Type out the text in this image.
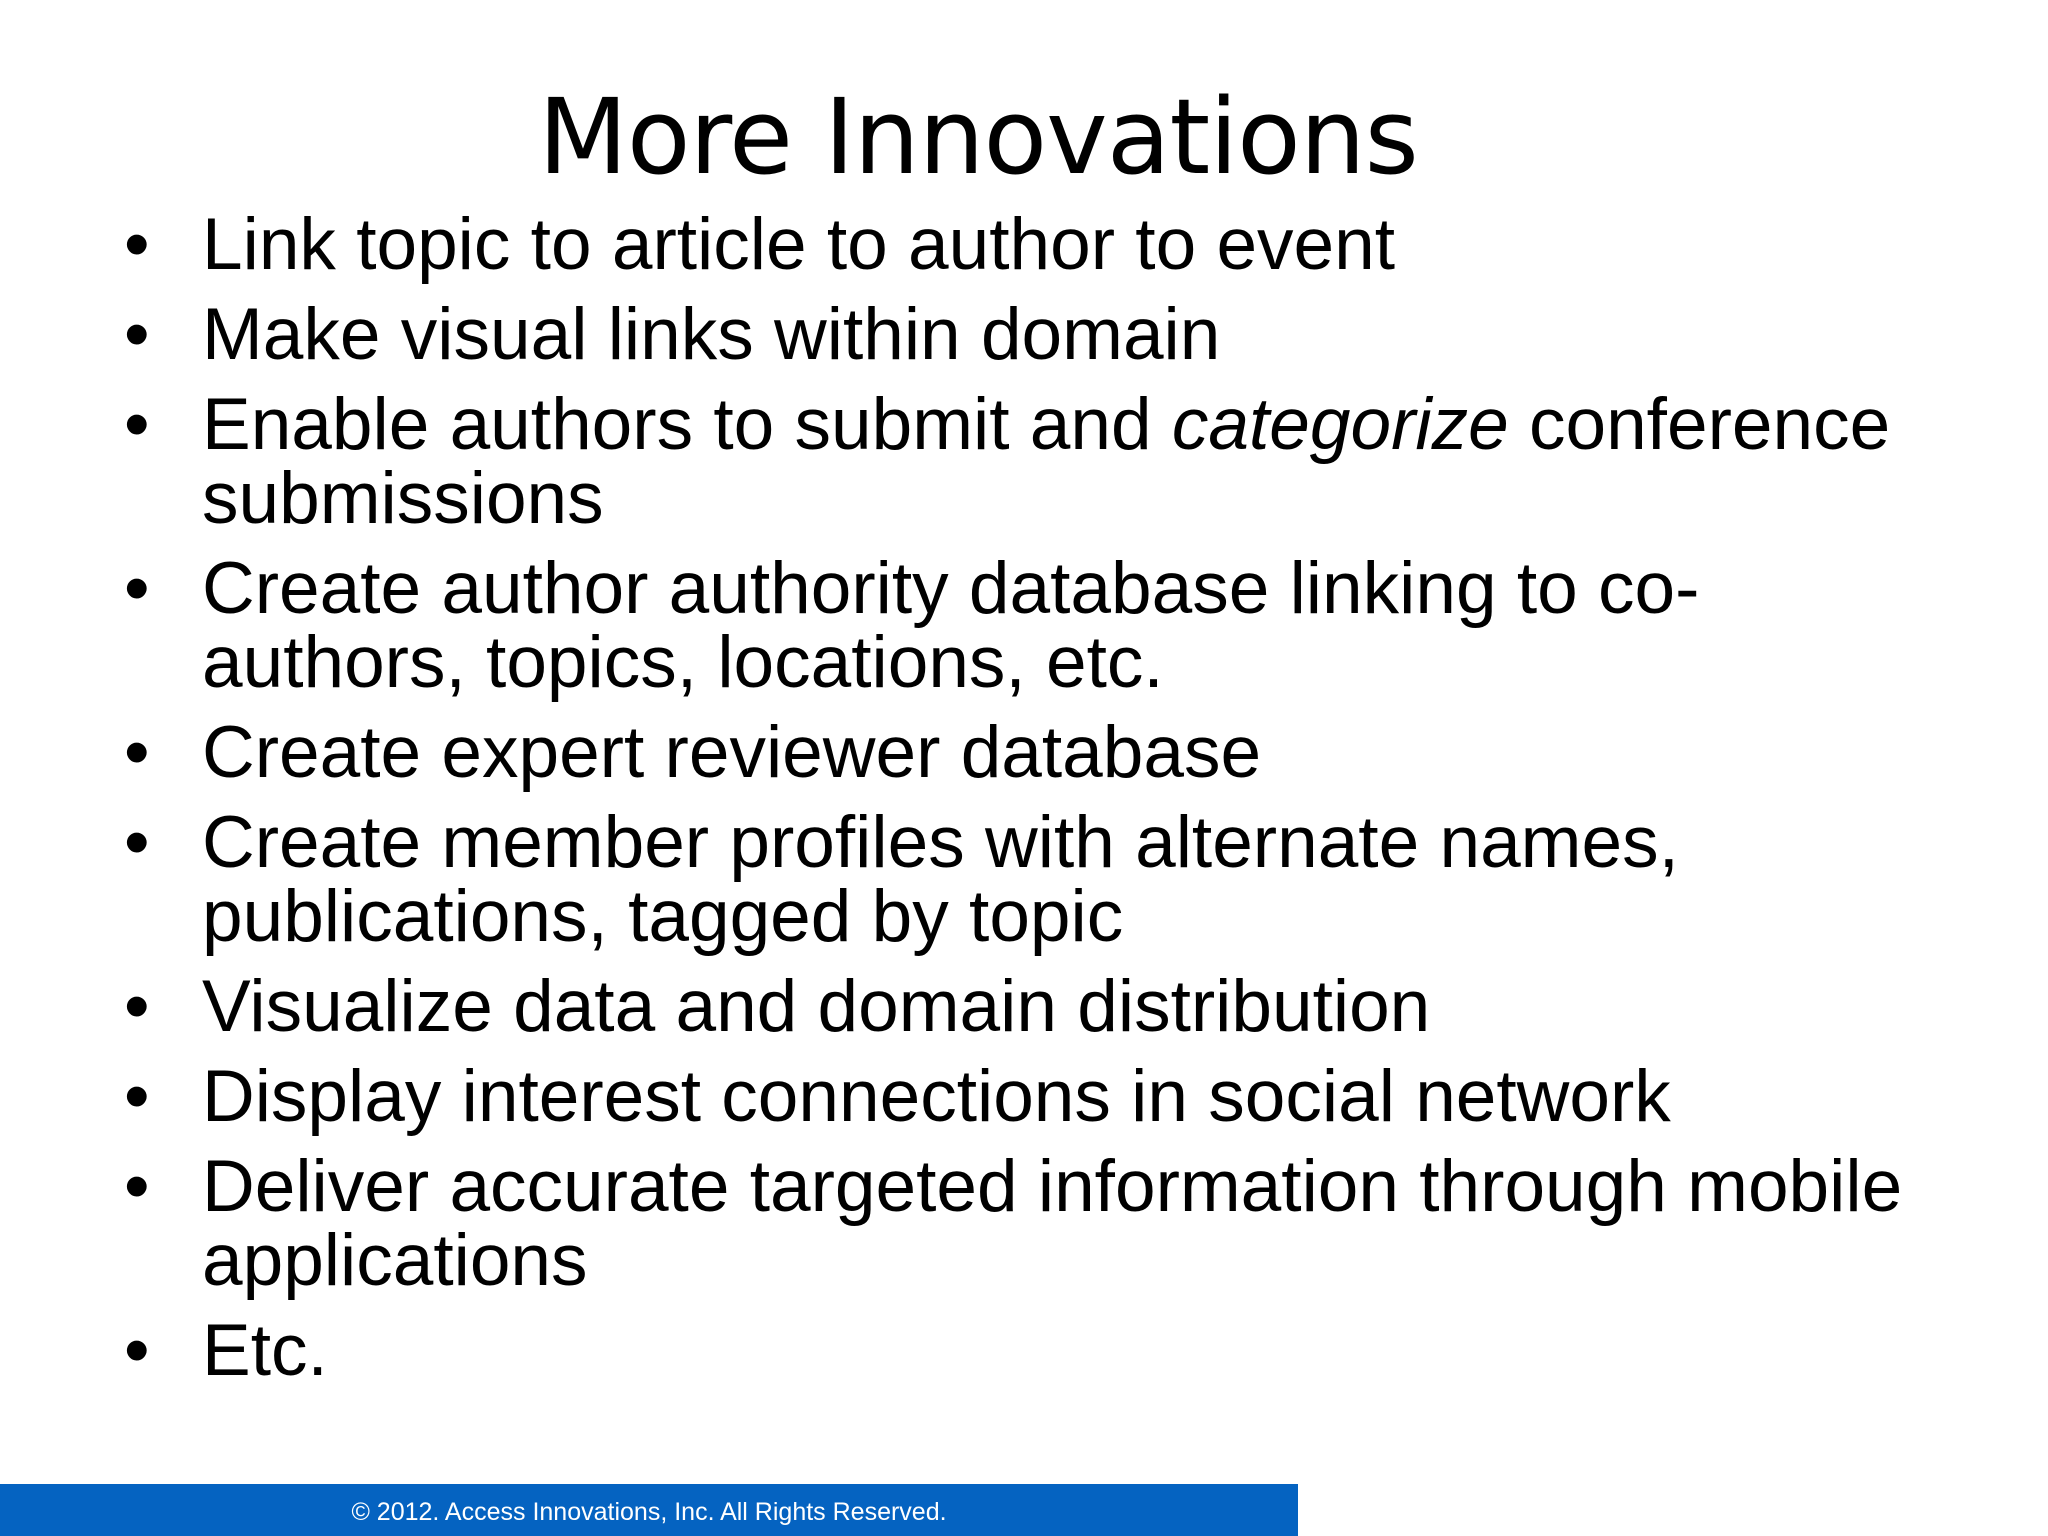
More Innovations
• Link topic to article to author to event
• Make visual links within domain
• Enable authors to submit and categorize conference submissions
• Create author authority database linking to co-authors, topics, locations, etc.
• Create expert reviewer database
• Create member profiles with alternate names, publications, tagged by topic
• Visualize data and domain distribution
• Display interest connections in social network
• Deliver accurate targeted information through mobile applications
• Etc.
© 2012. Access Innovations, Inc. All Rights Reserved.
